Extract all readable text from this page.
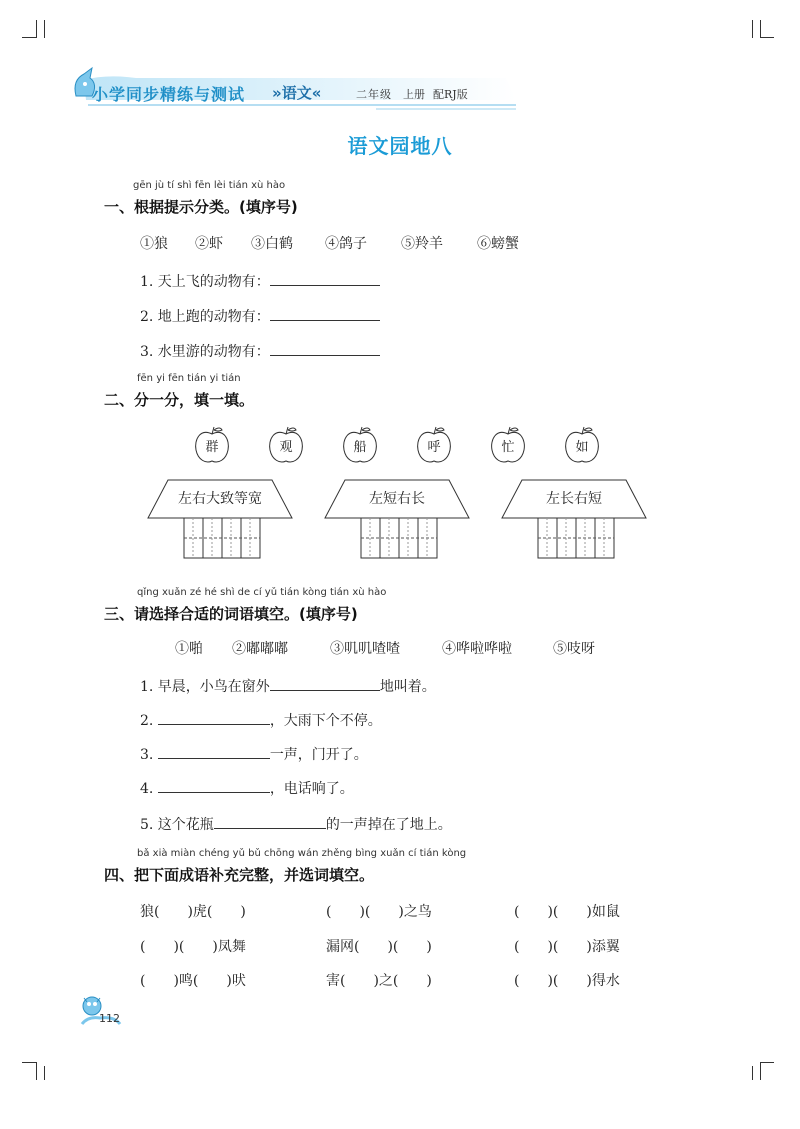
小学同步精练与测试 »语文«	二年级 上册 配RJ版
语文园地八
gēn jù tí shì fēn lèi tián xù hào
一、根据提示分类。(填序号)
①狼 ②虾 ③白鹤 ④鸽子 ⑤羚羊 ⑥螃蟹
1. 天上飞的动物有：
2. 地上跑的动物有：
3. 水里游的动物有：
fēn yi fēn tián yi tián
二、分一分，填一填。
群	观	船	呼	忙	如
左右大致等宽	左短右长	左长右短
qǐng xuǎn zé hé shì de cí yǔ tián kòng tián xù hào
三、请选择合适的词语填空。(填序号)
①啪 ②嘟嘟嘟	③叽叽喳喳	④哗啦哗啦	⑤吱呀
1. 早晨，小鸟在窗外	地叫着。
2.	，大雨下个不停。
3.	一声，门开了。
4.	，电话响了。
5. 这个花瓶	的一声掉在了地上。
bǎ xià miàn chéng yǔ bǔ chōng wán zhěng bìng xuǎn cí tián kòng
四、把下面成语补充完整，并选词填空。
狼(　　)虎(　　)	(　　)(　　)之鸟	(　　)(　　)如鼠
(　　)(　　)凤舞	漏网(　　)(　　)	(　　)(　　)添翼
(　　)鸣(　　)吠	害(　　)之(　　)	(　　)(　　)得水
112
